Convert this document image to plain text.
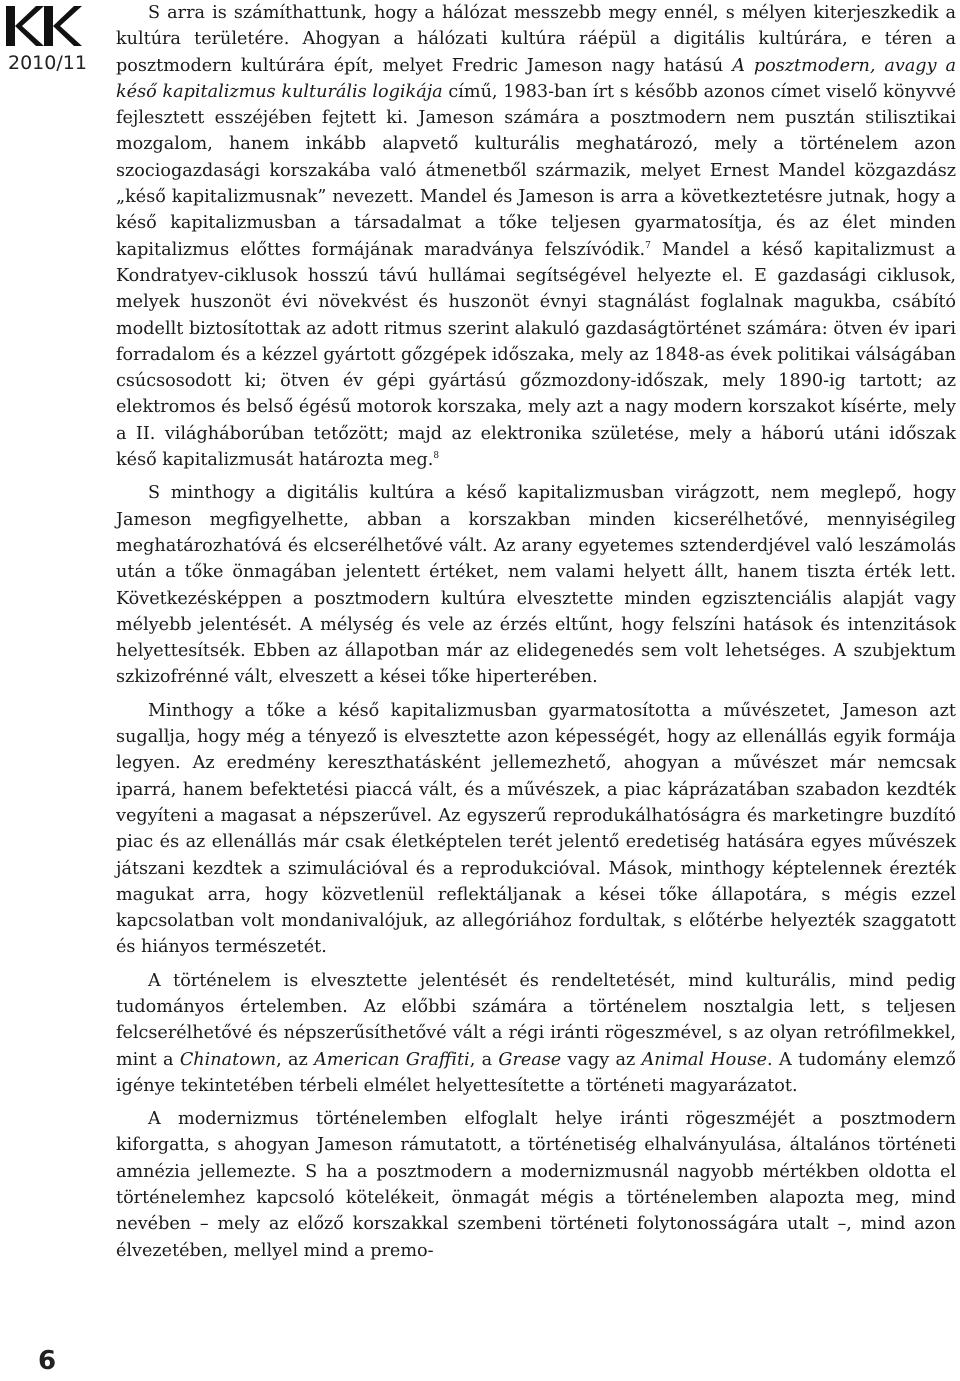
2010/11

S arra is számíthattunk, hogy a hálózat messzebb megy ennél, s mélyen kiterjeszkedik a kultúra területére. Ahogyan a hálózati kultúra ráépül a digitális kultúrára, e téren a posztmodern kultúrára épít, melyet Fredric Jameson nagy hatású A posztmodern, avagy a késő kapitalizmus kulturális logikája című, 1983-ban írt s később azonos címet viselő könyvvé fejlesztett esszéjében fejtett ki. Jameson számára a posztmodern nem pusztán stilisztikai mozgalom, hanem inkább alapvető kulturális meghatározó, mely a történelem azon szociogazdasági korszakába való átmenetből származik, melyet Ernest Mandel közgazdász „késő kapitalizmusnak” nevezett. Mandel és Jameson is arra a következtetésre jutnak, hogy a késő kapitalizmusban a társadalmat a tőke teljesen gyarmatosítja, és az élet minden kapitalizmus előttes formájának maradványa felszívódik.$^7$ Mandel a késő kapitalizmust a Kondratyev-ciklusok hosszú távú hullámai segítségével helyezte el. E gazdasági ciklusok, melyek huszonöt évi növekvést és huszonöt évnyi stagnálást foglalnak magukba, csábító modellt biztosítottak az adott ritmus szerint alakuló gazdaságtörténet számára: ötven év ipari forradalom és a kézzel gyártott gőzgépek időszaka, mely az 1848-as évek politikai válságában csúcsosodott ki; ötven év gépi gyártású gőzmozdony-időszak, mely 1890-ig tartott; az elektromos és belső égésű motorok korszaka, mely azt a nagy modern korszakot kísérte, mely a II. világháborúban tetőzött; majd az elektronika születése, mely a háború utáni időszak késő kapitalizmusát határozta meg.$^8$

S minthogy a digitális kultúra a késő kapitalizmusban virágzott, nem meglepő, hogy Jameson megfigyelhette, abban a korszakban minden kicserélhetővé, mennyiségileg meghatározhatóvá és elcserélhetővé vált. Az arany egyetemes sztenderdjével való leszámolás után a tőke önmagában jelentett értéket, nem valami helyett állt, hanem tiszta érték lett. Következésképpen a posztmodern kultúra elvesztette minden egzisztenciális alapját vagy mélyebb jelentését. A mélység és vele az érzés eltűnt, hogy felszíni hatások és intenzitások helyettesítsék. Ebben az állapotban már az elidegenedés sem volt lehetséges. A szubjektum szkizofrénné vált, elveszett a kései tőke hiperterében.

Minthogy a tőke a késő kapitalizmusban gyarmatosította a művészetet, Jameson azt sugallja, hogy még a tényező is elvesztette azon képességét, hogy az ellenállás egyik formája legyen. Az eredmény kereszthatásként jellemezhető, ahogyan a művészet már nemcsak iparrá, hanem befektetési piaccá vált, és a művészek, a piac káprázatában szabadon kezdték vegyíteni a magasat a népszerűvel. Az egyszerű reprodukálhatóságra és marketingre buzdító piac és az ellenállás már csak életképtelen terét jelentő eredetiség hatására egyes művészek játszani kezdtek a szimulációval és a reprodukcióval. Mások, minthogy képtelennek érezték magukat arra, hogy közvetlenül reflektáljanak a kései tőke állapotára, s mégis ezzel kapcsolatban volt mondanivalójuk, az allegóriához fordultak, s előtérbe helyezték szaggatott és hiányos természetét.

A történelem is elvesztette jelentését és rendeltetését, mind kulturális, mind pedig tudományos értelemben. Az előbbi számára a történelem nosztalgia lett, s teljesen felcserélhetővé és népszerűsíthetővé vált a régi iránti rögeszmével, s az olyan retrófilmekkel, mint a Chinatown, az American Graffiti, a Grease vagy az Animal House. A tudomány elemző igénye tekintetében térbeli elmélet helyettesítette a történeti magyarázatot.

A modernizmus történelemben elfoglalt helye iránti rögeszméjét a posztmodern kiforgatta, s ahogyan Jameson rámutatott, a történetiség elhalványulása, általános történeti amnézia jellemezte. S ha a posztmodern a modernizmusnál nagyobb mértékben oldotta el történelemhez kapcsoló kötelékeit, önmagát mégis a történelemben alapozta meg, mind nevében – mely az előző korszakkal szembeni történeti folytonosságára utalt –, mind azon élvezetében, mellyel mind a premo-

6
